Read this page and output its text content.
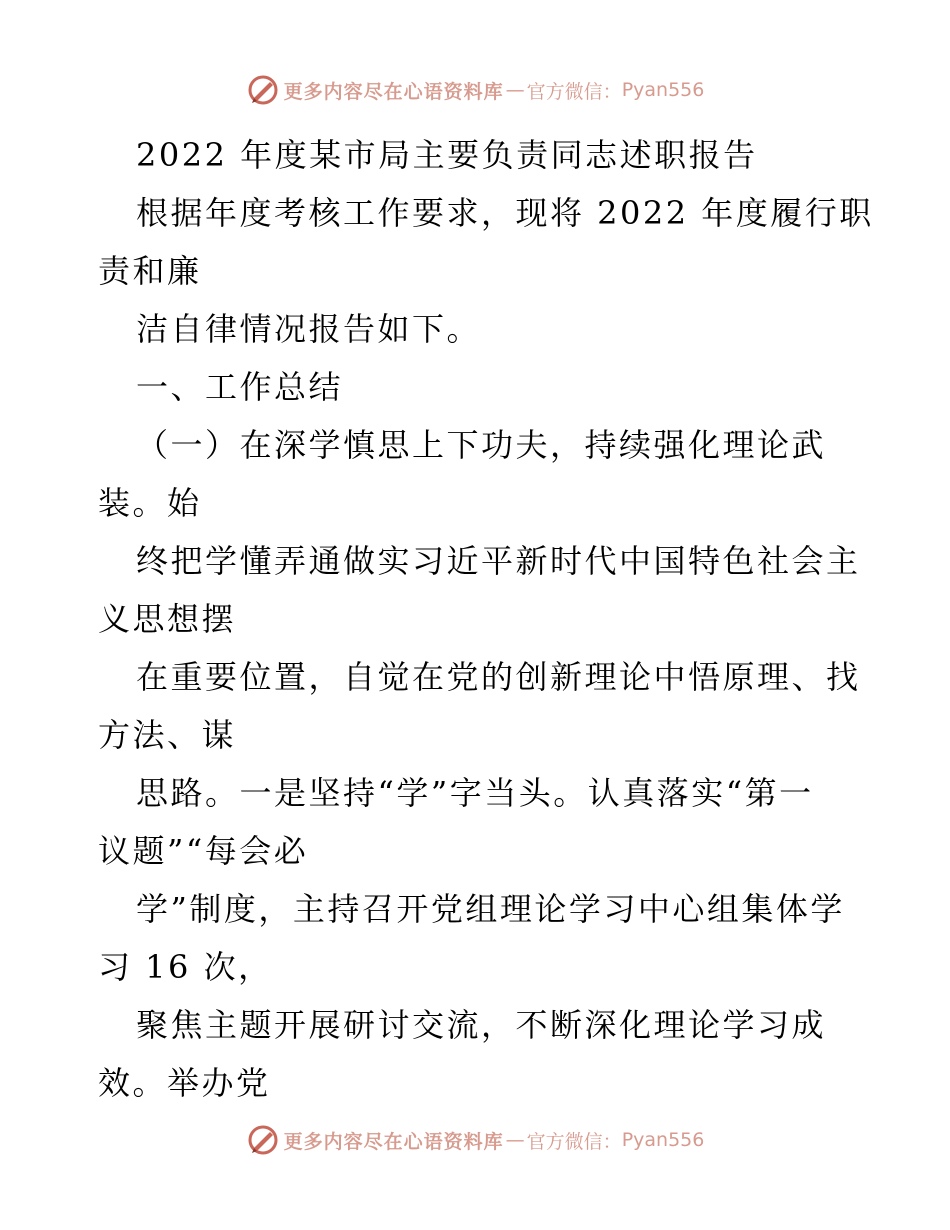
更多内容尽在心语资料库 — 官方微信： Pyan556
2022 年度某市局主要负责同志述职报告
根据年度考核工作要求，现将 2022 年度履行职
责和廉
洁自律情况报告如下。
一、工作总结
（一）在深学慎思上下功夫，持续强化理论武
装。始
终把学懂弄通做实习近平新时代中国特色社会主
义思想摆
在重要位置，自觉在党的创新理论中悟原理、找
方法、谋
思路。一是坚持“学”字当头。认真落实“第一
议题”“每会必
学”制度，主持召开党组理论学习中心组集体学
习 16 次，
聚焦主题开展研讨交流，不断深化理论学习成
效。举办党
更多内容尽在心语资料库 — 官方微信： Pyan556
